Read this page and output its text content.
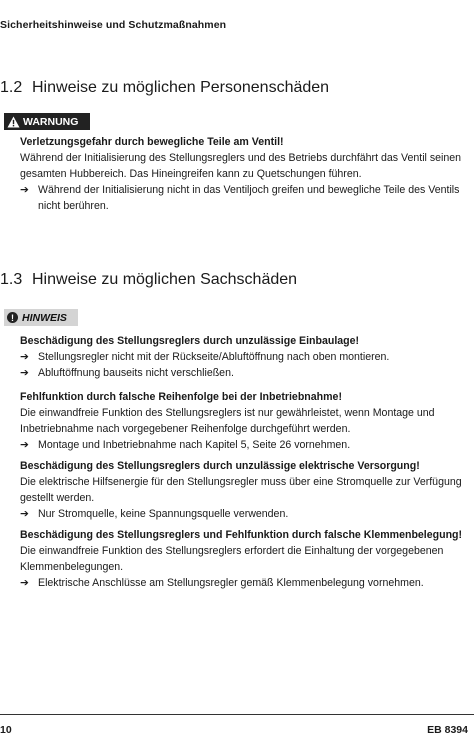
Sicherheitshinweise und Schutzmaßnahmen
1.2 Hinweise zu möglichen Personenschäden
WARNUNG
Verletzungsgefahr durch bewegliche Teile am Ventil!
Während der Initialisierung des Stellungsreglers und des Betriebs durchfährt das Ventil seinen gesamten Hubbereich. Das Hineingreifen kann zu Quetschungen führen.
➔ Während der Initialisierung nicht in das Ventiljoch greifen und bewegliche Teile des Ventils nicht berühren.
1.3 Hinweise zu möglichen Sachschäden
! HINWEIS
Beschädigung des Stellungsreglers durch unzulässige Einbaulage!
➔ Stellungsregler nicht mit der Rückseite/Abluftöffnung nach oben montieren.
➔ Abluftöffnung bauseits nicht verschließen.
Fehlfunktion durch falsche Reihenfolge bei der Inbetriebnahme!
Die einwandfreie Funktion des Stellungsreglers ist nur gewährleistet, wenn Montage und Inbetriebnahme nach vorgegebener Reihenfolge durchgeführt werden.
➔ Montage und Inbetriebnahme nach Kapitel 5, Seite 26 vornehmen.
Beschädigung des Stellungsreglers durch unzulässige elektrische Versorgung!
Die elektrische Hilfsenergie für den Stellungsregler muss über eine Stromquelle zur Verfügung gestellt werden.
➔ Nur Stromquelle, keine Spannungsquelle verwenden.
Beschädigung des Stellungsreglers und Fehlfunktion durch falsche Klemmenbelegung!
Die einwandfreie Funktion des Stellungsreglers erfordert die Einhaltung der vorgegebenen Klemmenbelegungen.
➔ Elektrische Anschlüsse am Stellungsregler gemäß Klemmenbelegung vornehmen.
10	EB 8394
